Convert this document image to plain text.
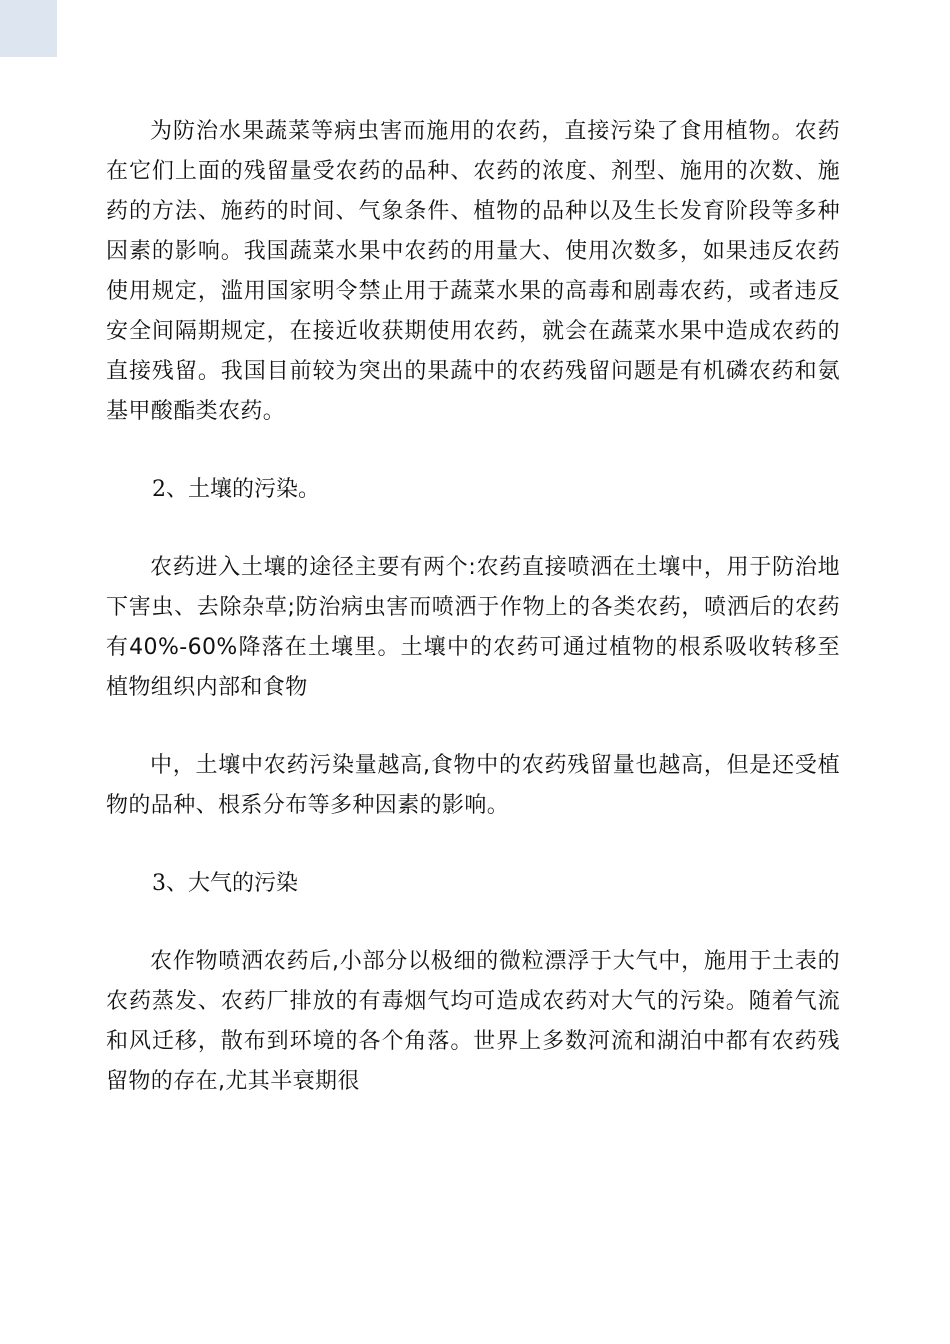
为防治水果蔬菜等病虫害而施用的农药，直接污染了食用植物。农药在它们上面的残留量受农药的品种、农药的浓度、剂型、施用的次数、施药的方法、施药的时间、气象条件、植物的品种以及生长发育阶段等多种因素的影响。我国蔬菜水果中农药的用量大、使用次数多，如果违反农药使用规定，滥用国家明令禁止用于蔬菜水果的高毒和剧毒农药，或者违反安全间隔期规定，在接近收获期使用农药，就会在蔬菜水果中造成农药的直接残留。我国目前较为突出的果蔬中的农药残留问题是有机磷农药和氨基甲酸酯类农药。

2、土壤的污染。

农药进入土壤的途径主要有两个:农药直接喷洒在土壤中，用于防治地下害虫、去除杂草;防治病虫害而喷洒于作物上的各类农药，喷洒后的农药有40%-60%降落在土壤里。土壤中的农药可通过植物的根系吸收转移至植物组织内部和食物

中，土壤中农药污染量越高,食物中的农药残留量也越高，但是还受植物的品种、根系分布等多种因素的影响。

3、大气的污染

农作物喷洒农药后,小部分以极细的微粒漂浮于大气中，施用于土表的农药蒸发、农药厂排放的有毒烟气均可造成农药对大气的污染。随着气流和风迁移，散布到环境的各个角落。世界上多数河流和湖泊中都有农药残留物的存在,尤其半衰期很
